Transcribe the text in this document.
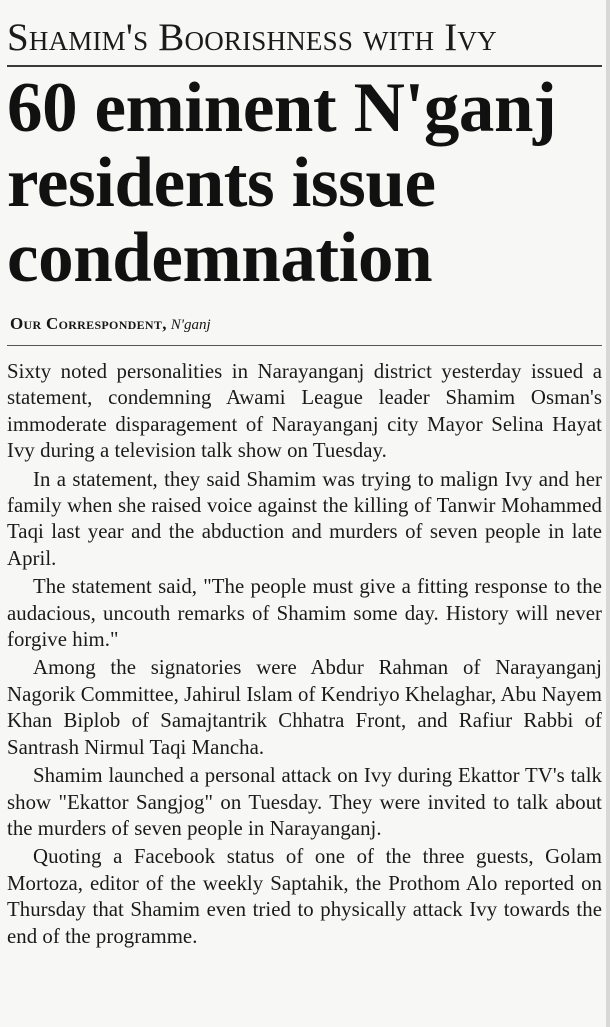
Shamim's Boorishness with Ivy
60 eminent N'ganj residents issue condemnation
Our Correspondent, N'ganj

Sixty noted personalities in Narayanganj district yesterday issued a statement, condemning Awami League leader Shamim Osman's immoderate disparagement of Narayanganj city Mayor Selina Hayat Ivy during a television talk show on Tuesday.

In a statement, they said Shamim was trying to malign Ivy and her family when she raised voice against the killing of Tanwir Mohammed Taqi last year and the abduction and murders of seven people in late April.

The statement said, "The people must give a fitting response to the audacious, uncouth remarks of Shamim some day. History will never forgive him."

Among the signatories were Abdur Rahman of Narayanganj Nagorik Committee, Jahirul Islam of Kendriyo Khelaghar, Abu Nayem Khan Biplob of Samajtantrik Chhatra Front, and Rafiur Rabbi of Santrash Nirmul Taqi Mancha.

Shamim launched a personal attack on Ivy during Ekattor TV's talk show "Ekattor Sangjog" on Tuesday. They were invited to talk about the murders of seven people in Narayanganj.

Quoting a Facebook status of one of the three guests, Golam Mortoza, editor of the weekly Saptahik, the Prothom Alo reported on Thursday that Shamim even tried to physically attack Ivy towards the end of the programme.
